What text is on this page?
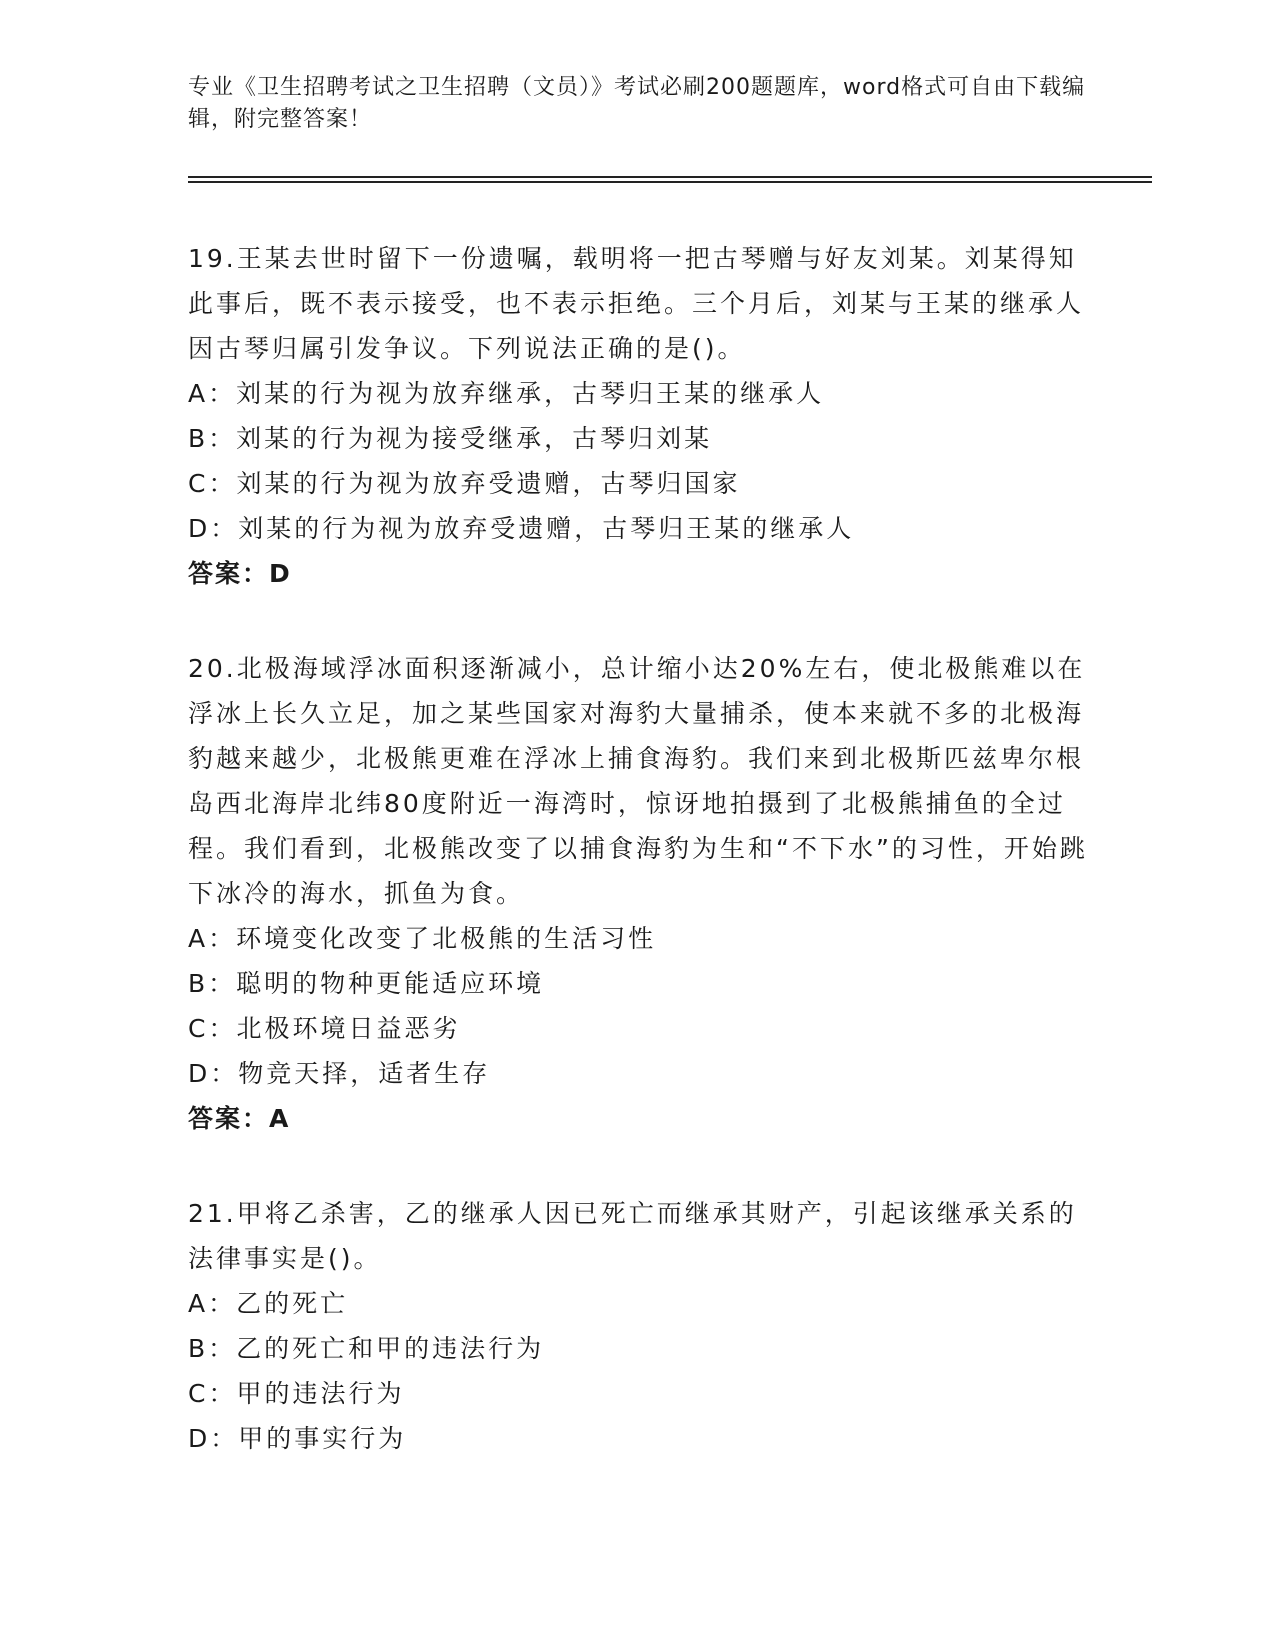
专业《卫生招聘考试之卫生招聘（文员）》考试必刷200题题库，word格式可自由下载编辑，附完整答案！

19.王某去世时留下一份遗嘱，载明将一把古琴赠与好友刘某。刘某得知此事后，既不表示接受，也不表示拒绝。三个月后，刘某与王某的继承人因古琴归属引发争议。下列说法正确的是()。

A：刘某的行为视为放弃继承，古琴归王某的继承人

B：刘某的行为视为接受继承，古琴归刘某

C：刘某的行为视为放弃受遗赠，古琴归国家

D：刘某的行为视为放弃受遗赠，古琴归王某的继承人

答案：D

20.北极海域浮冰面积逐渐减小，总计缩小达20%左右，使北极熊难以在浮冰上长久立足，加之某些国家对海豹大量捕杀，使本来就不多的北极海豹越来越少，北极熊更难在浮冰上捕食海豹。我们来到北极斯匹兹卑尔根岛西北海岸北纬80度附近一海湾时，惊讶地拍摄到了北极熊捕鱼的全过程。我们看到，北极熊改变了以捕食海豹为生和“不下水”的习性，开始跳下冰冷的海水，抓鱼为食。

A：环境变化改变了北极熊的生活习性

B：聪明的物种更能适应环境

C：北极环境日益恶劣

D：物竞天择，适者生存

答案：A

21.甲将乙杀害，乙的继承人因已死亡而继承其财产，引起该继承关系的法律事实是()。

A：乙的死亡

B：乙的死亡和甲的违法行为

C：甲的违法行为

D：甲的事实行为
